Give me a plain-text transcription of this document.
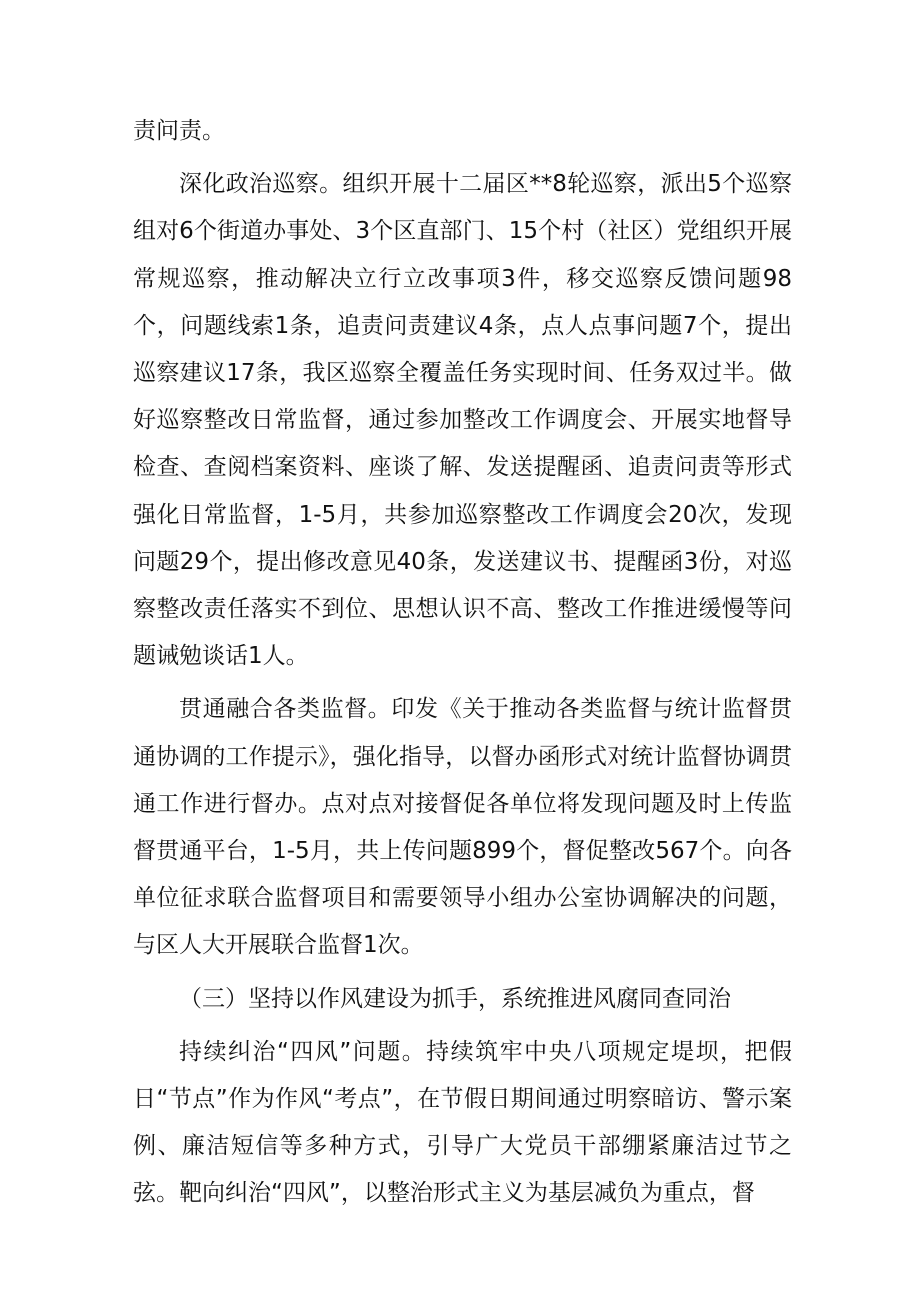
责问责。

深化政治巡察。组织开展十二届区**8轮巡察，派出5个巡察组对6个街道办事处、3个区直部门、15个村（社区）党组织开展常规巡察，推动解决立行立改事项3件，移交巡察反馈问题98个，问题线索1条，追责问责建议4条，点人点事问题7个，提出巡察建议17条，我区巡察全覆盖任务实现时间、任务双过半。做好巡察整改日常监督，通过参加整改工作调度会、开展实地督导检查、查阅档案资料、座谈了解、发送提醒函、追责问责等形式强化日常监督，1-5月，共参加巡察整改工作调度会20次，发现问题29个，提出修改意见40条，发送建议书、提醒函3份，对巡察整改责任落实不到位、思想认识不高、整改工作推进缓慢等问题诫勉谈话1人。

贯通融合各类监督。印发《关于推动各类监督与统计监督贯通协调的工作提示》，强化指导，以督办函形式对统计监督协调贯通工作进行督办。点对点对接督促各单位将发现问题及时上传监督贯通平台，1-5月，共上传问题899个，督促整改567个。向各单位征求联合监督项目和需要领导小组办公室协调解决的问题，与区人大开展联合监督1次。

（三）坚持以作风建设为抓手，系统推进风腐同查同治

持续纠治“四风”问题。持续筑牢中央八项规定堤坝，把假日“节点”作为作风“考点”，在节假日期间通过明察暗访、警示案例、廉洁短信等多种方式，引导广大党员干部绷紧廉洁过节之弦。靶向纠治“四风”，以整治形式主义为基层减负为重点，督
